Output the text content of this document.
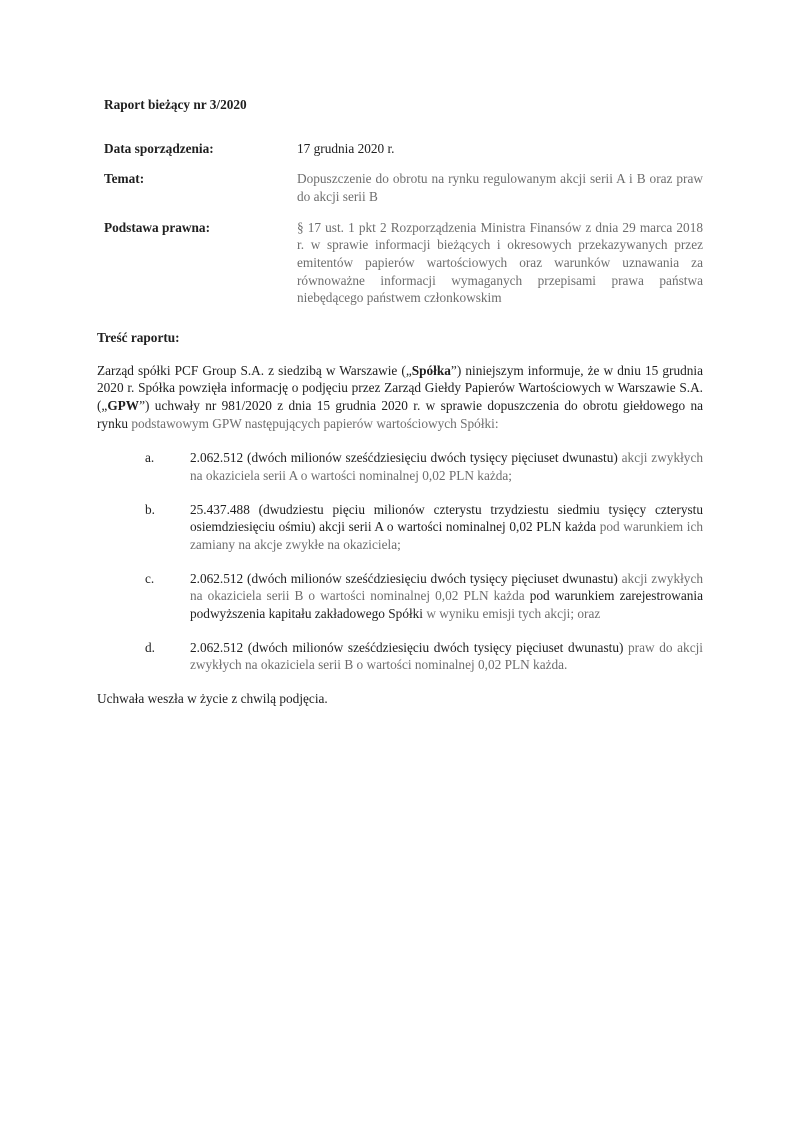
Raport bieżący nr 3/2020
Data sporządzenia:	17 grudnia 2020 r.
Temat:	Dopuszczenie do obrotu na rynku regulowanym akcji serii A i B oraz praw do akcji serii B
Podstawa prawna:	§ 17 ust. 1 pkt 2 Rozporządzenia Ministra Finansów z dnia 29 marca 2018 r. w sprawie informacji bieżących i okresowych przekazywanych przez emitentów papierów wartościowych oraz warunków uznawania za równoważne informacji wymaganych przepisami prawa państwa niebędącego państwem członkowskim
Treść raportu:

Zarząd spółki PCF Group S.A. z siedzibą w Warszawie („Spółka”) niniejszym informuje, że w dniu 15 grudnia 2020 r. Spółka powzięła informację o podjęciu przez Zarząd Giełdy Papierów Wartościowych w Warszawie S.A. („GPW”) uchwały nr 981/2020 z dnia 15 grudnia 2020 r. w sprawie dopuszczenia do obrotu giełdowego na rynku podstawowym GPW następujących papierów wartościowych Spółki:

a.	2.062.512 (dwóch milionów sześćdziesięciu dwóch tysięcy pięciuset dwunastu) akcji zwykłych na okaziciela serii A o wartości nominalnej 0,02 PLN każda;
b.	25.437.488 (dwudziestu pięciu milionów czterystu trzydziestu siedmiu tysięcy czterystu osiemdziesięciu ośmiu) akcji serii A o wartości nominalnej 0,02 PLN każda pod warunkiem ich zamiany na akcje zwykłe na okaziciela;
c.	2.062.512 (dwóch milionów sześćdziesięciu dwóch tysięcy pięciuset dwunastu) akcji zwykłych na okaziciela serii B o wartości nominalnej 0,02 PLN każda pod warunkiem zarejestrowania podwyższenia kapitału zakładowego Spółki w wyniku emisji tych akcji; oraz
d.	2.062.512 (dwóch milionów sześćdziesięciu dwóch tysięcy pięciuset dwunastu) praw do akcji zwykłych na okaziciela serii B o wartości nominalnej 0,02 PLN każda.

Uchwała weszła w życie z chwilą podjęcia.
